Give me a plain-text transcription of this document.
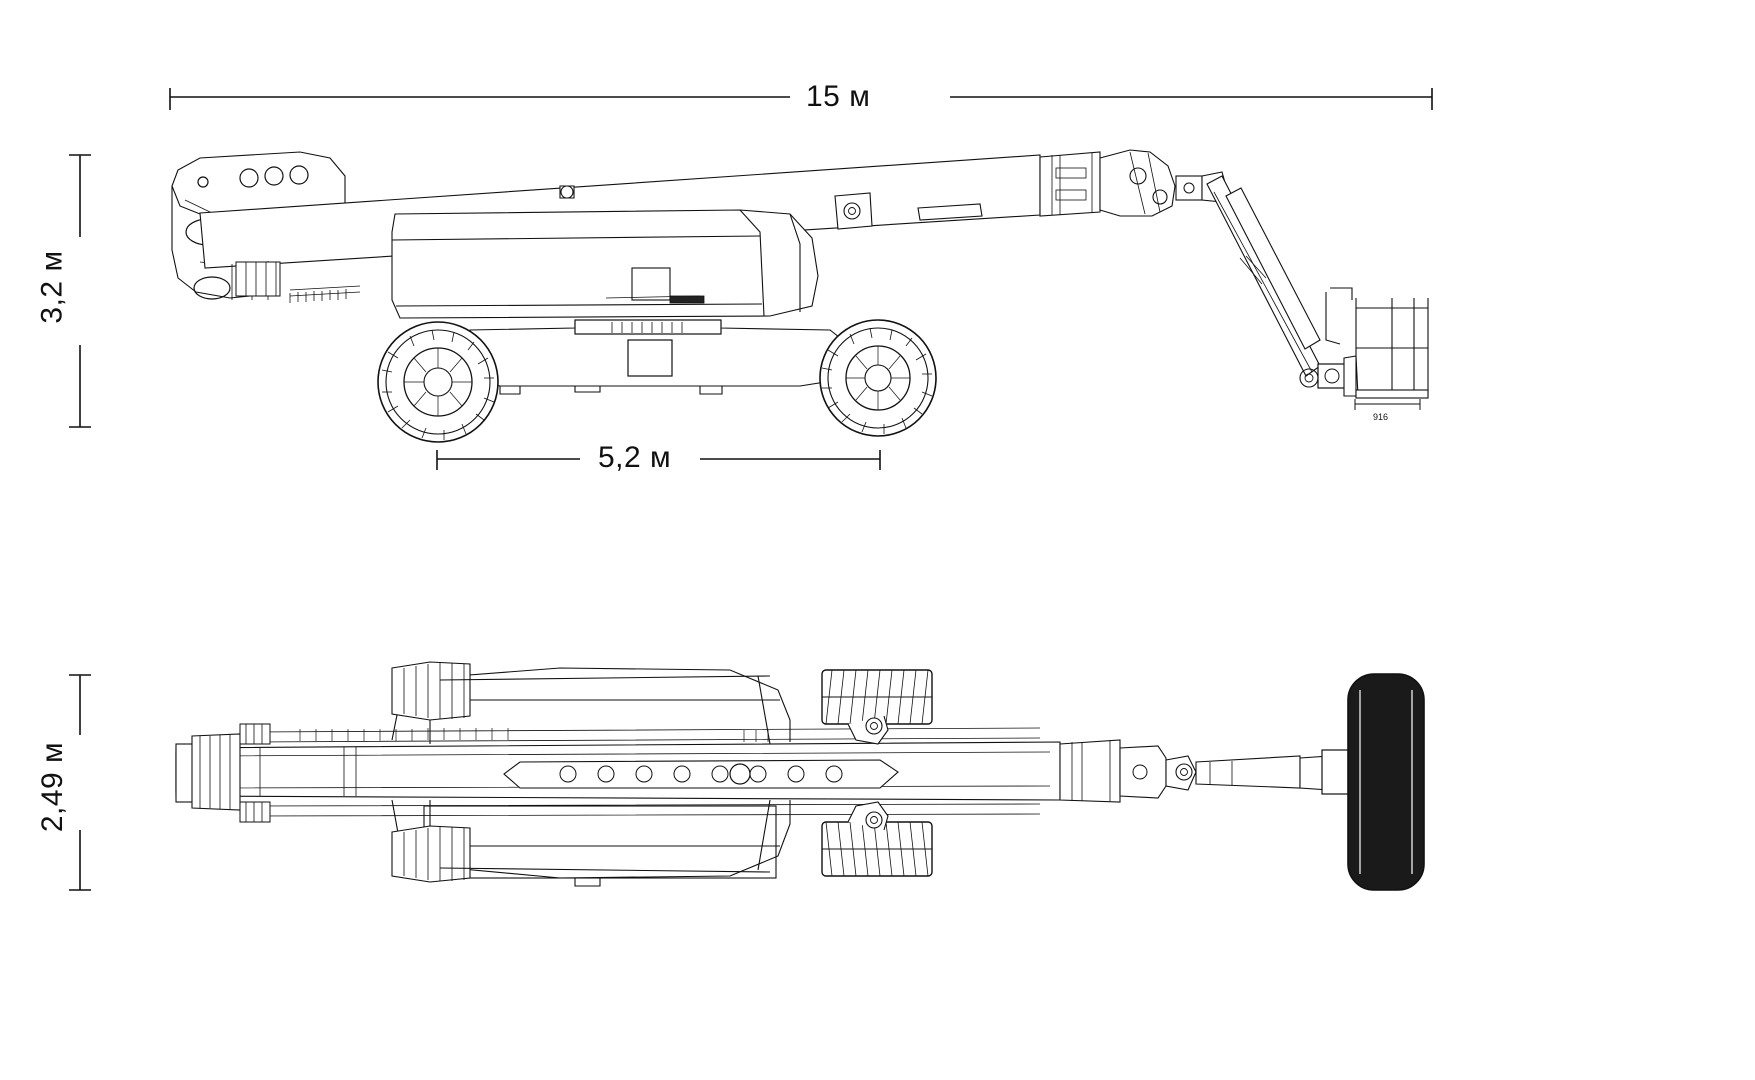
15 м
3,2 м
5,2 м
2,49 м
916
